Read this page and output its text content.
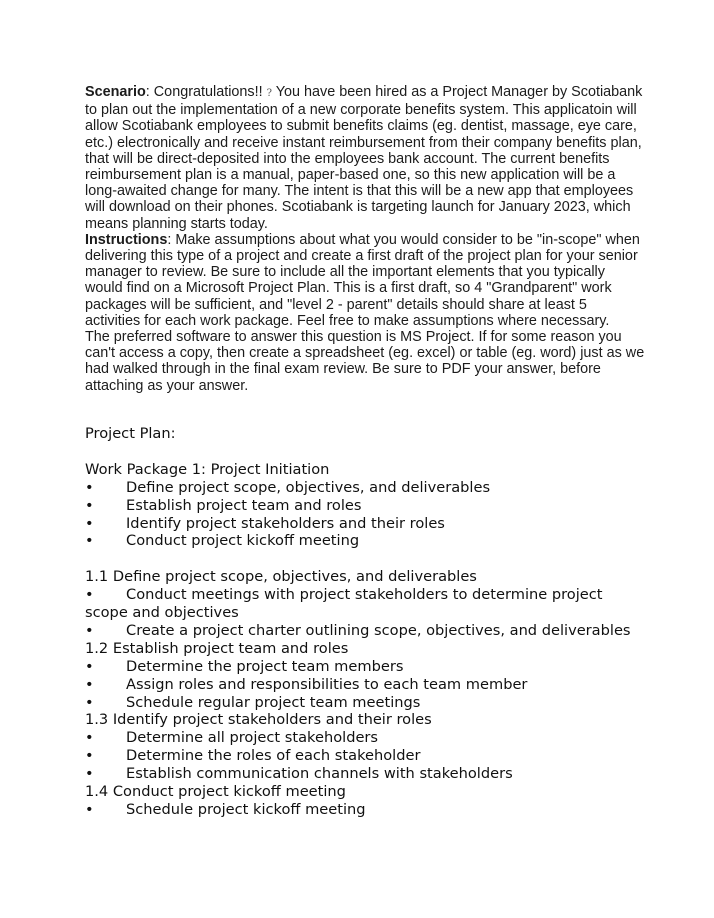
Scenario: Congratulations!! ? You have been hired as a Project Manager by Scotiabank to plan out the implementation of a new corporate benefits system. This applicatoin will allow Scotiabank employees to submit benefits claims (eg. dentist, massage, eye care, etc.) electronically and receive instant reimbursement from their company benefits plan, that will be direct-deposited into the employees bank account. The current benefits reimbursement plan is a manual, paper-based one, so this new application will be a long-awaited change for many. The intent is that this will be a new app that employees will download on their phones. Scotiabank is targeting launch for January 2023, which means planning starts today.

Instructions: Make assumptions about what you would consider to be "in-scope" when delivering this type of a project and create a first draft of the project plan for your senior manager to review. Be sure to include all the important elements that you typically would find on a Microsoft Project Plan. This is a first draft, so 4 "Grandparent" work packages will be sufficient, and "level 2 - parent" details should share at least 5 activities for each work package. Feel free to make assumptions where necessary.

The preferred software to answer this question is MS Project. If for some reason you can't access a copy, then create a spreadsheet (eg. excel) or table (eg. word) just as we had walked through in the final exam review. Be sure to PDF your answer, before attaching as your answer.

Project Plan:

Work Package 1: Project Initiation

• Define project scope, objectives, and deliverables
• Establish project team and roles
• Identify project stakeholders and their roles
• Conduct project kickoff meeting

1.1 Define project scope, objectives, and deliverables

• Conduct meetings with project stakeholders to determine project scope and objectives
• Create a project charter outlining scope, objectives, and deliverables

1.2 Establish project team and roles

• Determine the project team members
• Assign roles and responsibilities to each team member
• Schedule regular project team meetings

1.3 Identify project stakeholders and their roles

• Determine all project stakeholders
• Determine the roles of each stakeholder
• Establish communication channels with stakeholders

1.4 Conduct project kickoff meeting

• Schedule project kickoff meeting
